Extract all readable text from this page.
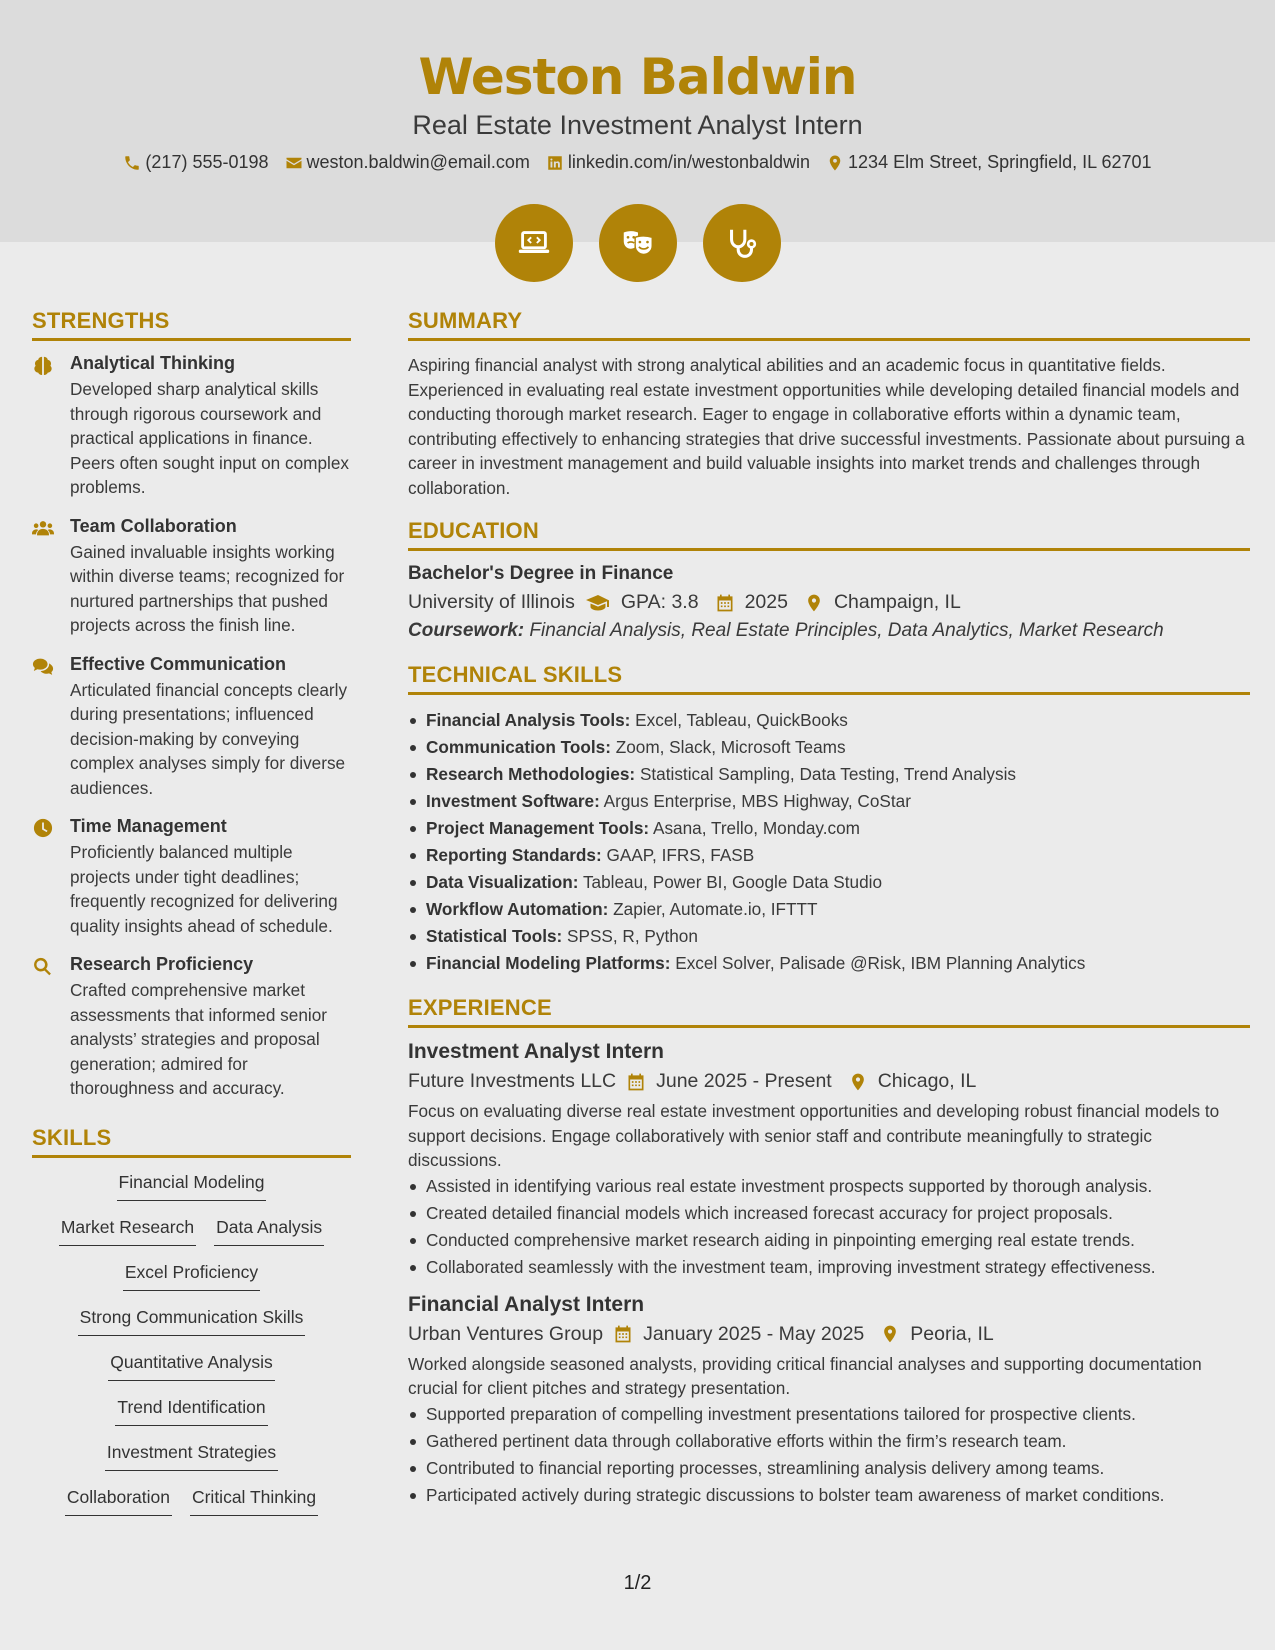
Weston Baldwin
Real Estate Investment Analyst Intern
(217) 555-0198 weston.baldwin@email.com linkedin.com/in/westonbaldwin 1234 Elm Street, Springfield, IL 62701
STRENGTHS
Analytical Thinking
Developed sharp analytical skills through rigorous coursework and practical applications in finance. Peers often sought input on complex problems.
Team Collaboration
Gained invaluable insights working within diverse teams; recognized for nurtured partnerships that pushed projects across the finish line.
Effective Communication
Articulated financial concepts clearly during presentations; influenced decision-making by conveying complex analyses simply for diverse audiences.
Time Management
Proficiently balanced multiple projects under tight deadlines; frequently recognized for delivering quality insights ahead of schedule.
Research Proficiency
Crafted comprehensive market assessments that informed senior analysts’ strategies and proposal generation; admired for thoroughness and accuracy.
SKILLS
Financial Modeling
Market Research Data Analysis
Excel Proficiency
Strong Communication Skills
Quantitative Analysis
Trend Identification
Investment Strategies
Collaboration Critical Thinking
SUMMARY
Aspiring financial analyst with strong analytical abilities and an academic focus in quantitative fields. Experienced in evaluating real estate investment opportunities while developing detailed financial models and conducting thorough market research. Eager to engage in collaborative efforts within a dynamic team, contributing effectively to enhancing strategies that drive successful investments. Passionate about pursuing a career in investment management and build valuable insights into market trends and challenges through collaboration.
EDUCATION
Bachelor's Degree in Finance
University of Illinois GPA: 3.8 2025 Champaign, IL
Coursework: Financial Analysis, Real Estate Principles, Data Analytics, Market Research
TECHNICAL SKILLS
Financial Analysis Tools: Excel, Tableau, QuickBooks
Communication Tools: Zoom, Slack, Microsoft Teams
Research Methodologies: Statistical Sampling, Data Testing, Trend Analysis
Investment Software: Argus Enterprise, MBS Highway, CoStar
Project Management Tools: Asana, Trello, Monday.com
Reporting Standards: GAAP, IFRS, FASB
Data Visualization: Tableau, Power BI, Google Data Studio
Workflow Automation: Zapier, Automate.io, IFTTT
Statistical Tools: SPSS, R, Python
Financial Modeling Platforms: Excel Solver, Palisade @Risk, IBM Planning Analytics
EXPERIENCE
Investment Analyst Intern
Future Investments LLC June 2025 - Present Chicago, IL
Focus on evaluating diverse real estate investment opportunities and developing robust financial models to support decisions. Engage collaboratively with senior staff and contribute meaningfully to strategic discussions.
Assisted in identifying various real estate investment prospects supported by thorough analysis.
Created detailed financial models which increased forecast accuracy for project proposals.
Conducted comprehensive market research aiding in pinpointing emerging real estate trends.
Collaborated seamlessly with the investment team, improving investment strategy effectiveness.
Financial Analyst Intern
Urban Ventures Group January 2025 - May 2025 Peoria, IL
Worked alongside seasoned analysts, providing critical financial analyses and supporting documentation crucial for client pitches and strategy presentation.
Supported preparation of compelling investment presentations tailored for prospective clients.
Gathered pertinent data through collaborative efforts within the firm’s research team.
Contributed to financial reporting processes, streamlining analysis delivery among teams.
Participated actively during strategic discussions to bolster team awareness of market conditions.
1/2
